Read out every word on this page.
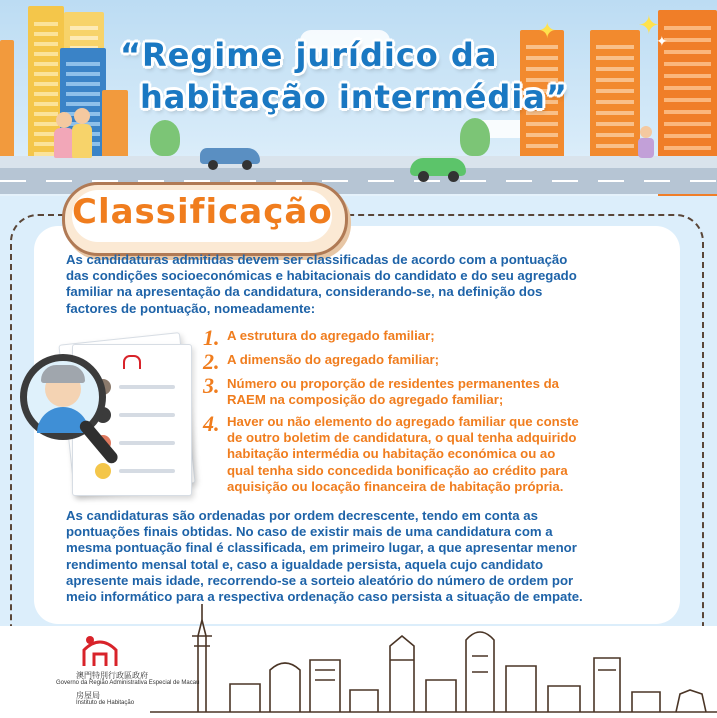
✦	✦
✦
“Regime jurídico da
habitação intermédia”
Classificação
As candidaturas admitidas devem ser classificadas de acordo com a pontuação
das condições socioeconómicas e habitacionais do candidato e do seu agregado
familiar na apresentação da candidatura, considerando-se, na definição dos
factores de pontuação, nomeadamente:
1. A estrutura do agregado familiar;
2. A dimensão do agregado familiar;
3. Número ou proporção de residentes permanentes da
RAEM na composição do agregado familiar;
4. Haver ou não elemento do agregado familiar que conste
de outro boletim de candidatura, o qual tenha adquirido
habitação intermédia ou habitação económica ou ao
qual tenha sido concedida bonificação ao crédito para
aquisição ou locação financeira de habitação própria.
As candidaturas são ordenadas por ordem decrescente, tendo em conta as
pontuações finais obtidas. No caso de existir mais de uma candidatura com a
mesma pontuação final é classificada, em primeiro lugar, a que apresentar menor
rendimento mensal total e, caso a igualdade persista, aquela cujo candidato
apresente mais idade, recorrendo-se a sorteio aleatório do número de ordem por
meio informático para a respectiva ordenação caso persista a situação de empate.
澳門特別行政區政府
Governo da Região Administrativa Especial de Macau
房屋局
Instituto de Habitação
